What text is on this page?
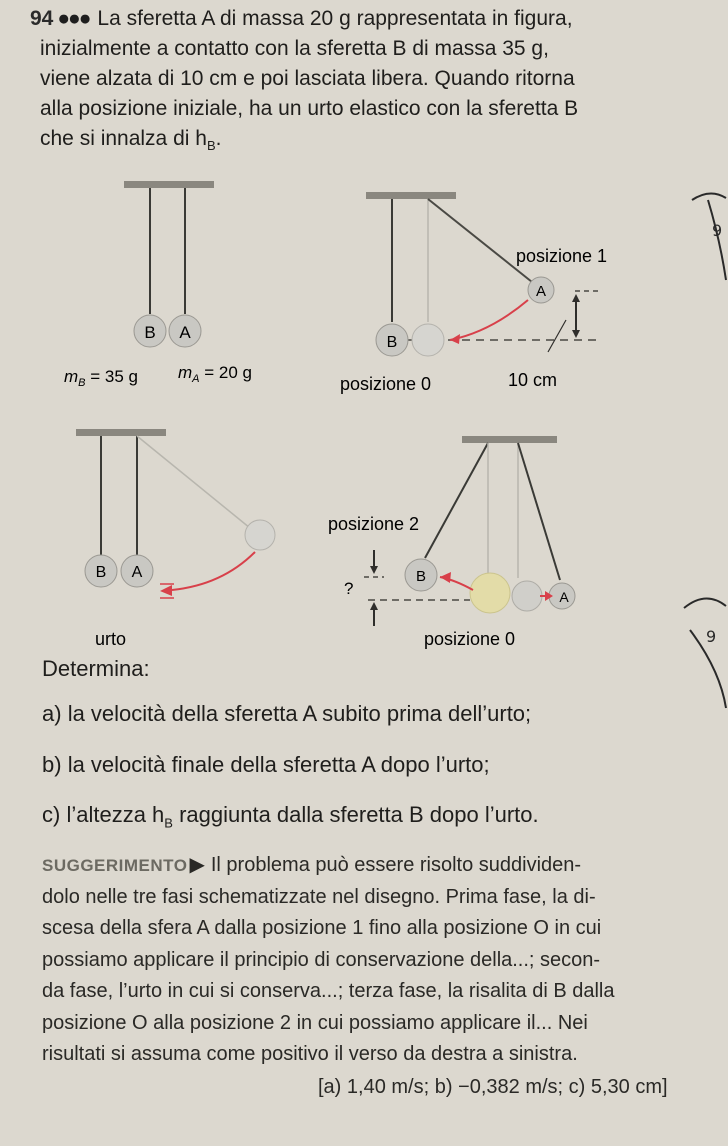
94 ●●● La sferetta A di massa 20 g rappresentata in figura,
inizialmente a contatto con la sferetta B di massa 35 g,
viene alzata di 10 cm e poi lasciata libera. Quando ritorna
alla posizione iniziale, ha un urto elastico con la sferetta B
che si innalza di $h_B$.
B A
$m_B = 35$ g $m_A = 20$ g
B
A
posizione 1
posizione 0	10 cm
B A
urto
B
A
posizione 2
posizione 0
?
9
9
Determina:
a) la velocità della sferetta A subito prima dell’urto;
b) la velocità finale della sferetta A dopo l’urto;
c) l’altezza $h_B$ raggiunta dalla sferetta B dopo l’urto.
SUGGERIMENTO ▶ Il problema può essere risolto suddividen-
dolo nelle tre fasi schematizzate nel disegno. Prima fase, la di-
scesa della sfera A dalla posizione 1 fino alla posizione O in cui
possiamo applicare il principio di conservazione della...; secon-
da fase, l’urto in cui si conserva...; terza fase, la risalita di B dalla
posizione O alla posizione 2 in cui possiamo applicare il... Nei
risultati si assuma come positivo il verso da destra a sinistra.
[a) 1,40 m/s; b) −0,382 m/s; c) 5,30 cm]
